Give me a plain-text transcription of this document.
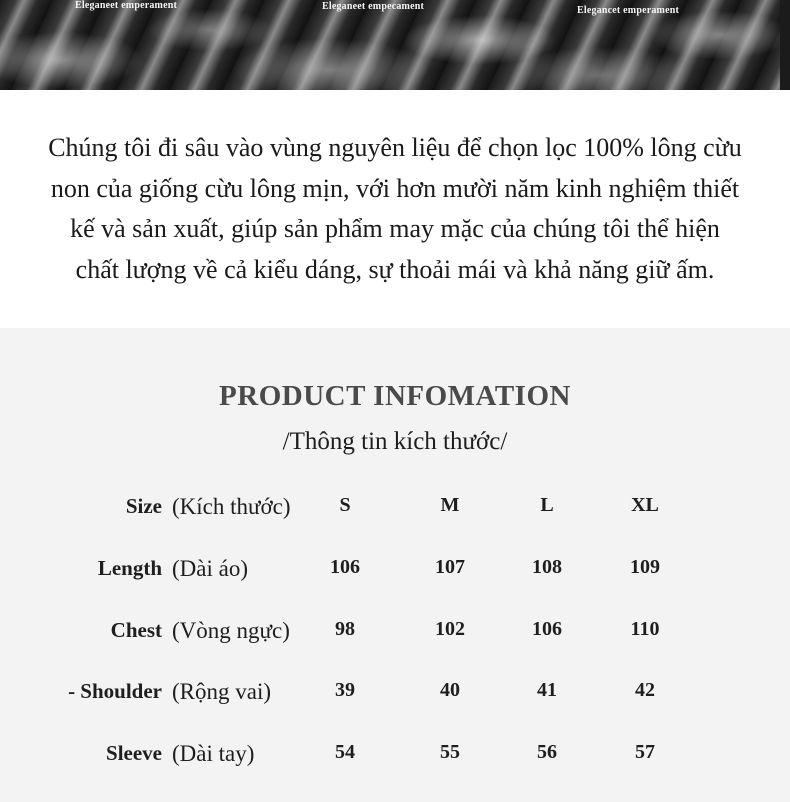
Eleganeet emperament	Eleganeet empecament	Elegancet emperament
Chúng tôi đi sâu vào vùng nguyên liệu để chọn lọc 100% lông cừu
non của giống cừu lông mịn, với hơn mười năm kinh nghiệm thiết
kế và sản xuất, giúp sản phẩm may mặc của chúng tôi thể hiện
chất lượng về cả kiểu dáng, sự thoải mái và khả năng giữ ấm.
PRODUCT INFOMATION
/Thông tin kích thước/
Size (Kích thước)	S	M	L	XL
Length (Dài áo)	106	107	108	109
Chest (Vòng ngực)	98	102	106	110
- Shoulder (Rộng vai)	39	40	41	42
Sleeve (Dài tay)	54	55	56	57
